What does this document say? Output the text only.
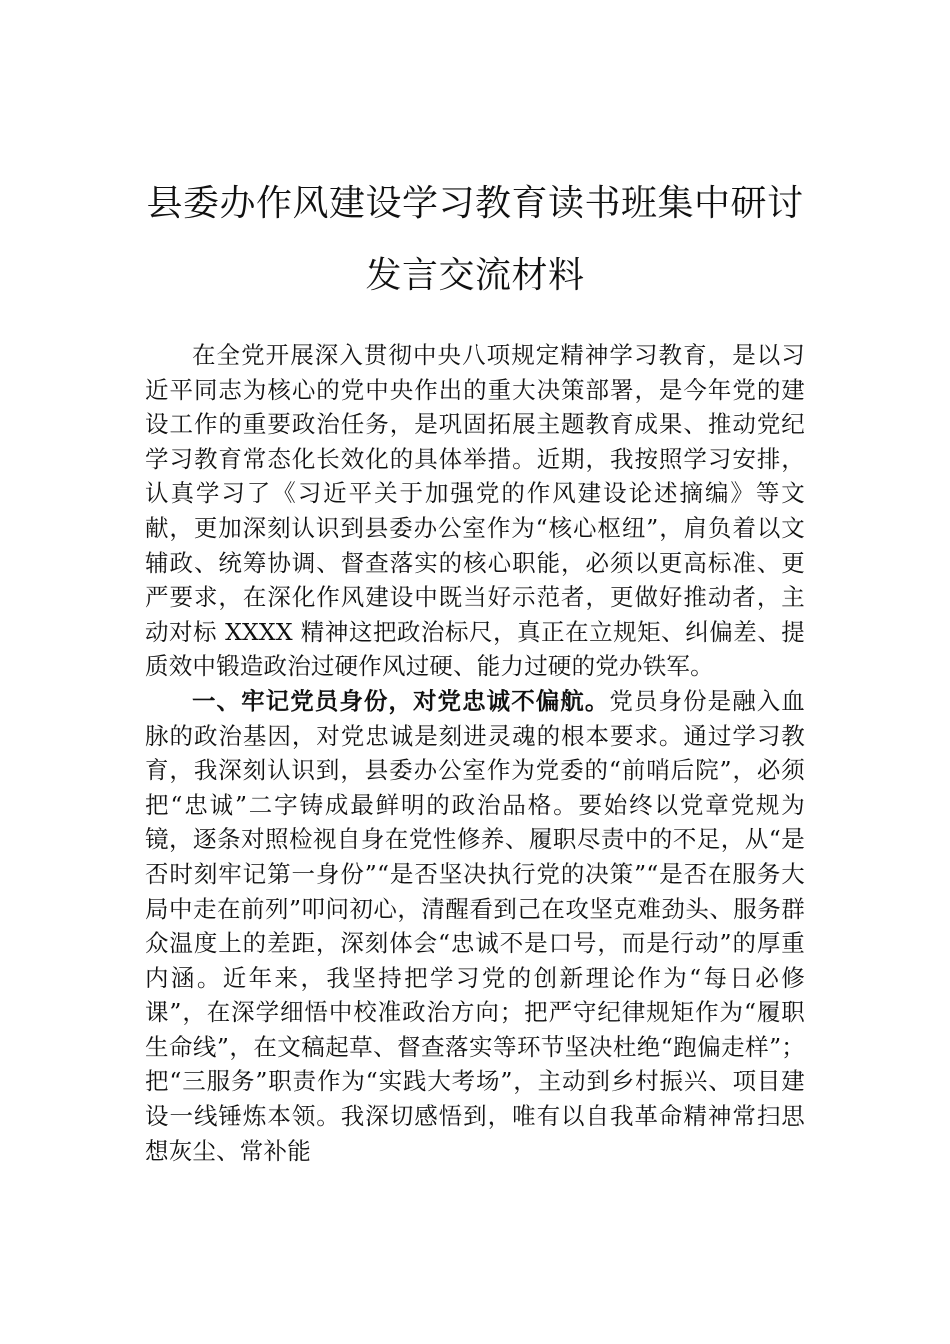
县委办作风建设学习教育读书班集中研讨
发言交流材料

在全党开展深入贯彻中央八项规定精神学习教育，是以习近平同志为核心的党中央作出的重大决策部署，是今年党的建设工作的重要政治任务，是巩固拓展主题教育成果、推动党纪学习教育常态化长效化的具体举措。近期，我按照学习安排，认真学习了《习近平关于加强党的作风建设论述摘编》等文献，更加深刻认识到县委办公室作为“核心枢纽”，肩负着以文辅政、统筹协调、督查落实的核心职能，必须以更高标准、更严要求，在深化作风建设中既当好示范者，更做好推动者，主动对标 XXXX 精神这把政治标尺，真正在立规矩、纠偏差、提质效中锻造政治过硬作风过硬、能力过硬的党办铁军。

一、牢记党员身份，对党忠诚不偏航。党员身份是融入血脉的政治基因，对党忠诚是刻进灵魂的根本要求。通过学习教育，我深刻认识到，县委办公室作为党委的“前哨后院”，必须把“忠诚”二字铸成最鲜明的政治品格。要始终以党章党规为镜，逐条对照检视自身在党性修养、履职尽责中的不足，从“是否时刻牢记第一身份”“是否坚决执行党的决策”“是否在服务大局中走在前列”叩问初心，清醒看到己在攻坚克难劲头、服务群众温度上的差距，深刻体会“忠诚不是口号，而是行动”的厚重内涵。近年来，我坚持把学习党的创新理论作为“每日必修课”，在深学细悟中校准政治方向；把严守纪律规矩作为“履职生命线”，在文稿起草、督查落实等环节坚决杜绝“跑偏走样”；把“三服务”职责作为“实践大考场”，主动到乡村振兴、项目建设一线锤炼本领。我深切感悟到，唯有以自我革命精神常扫思想灰尘、常补能
